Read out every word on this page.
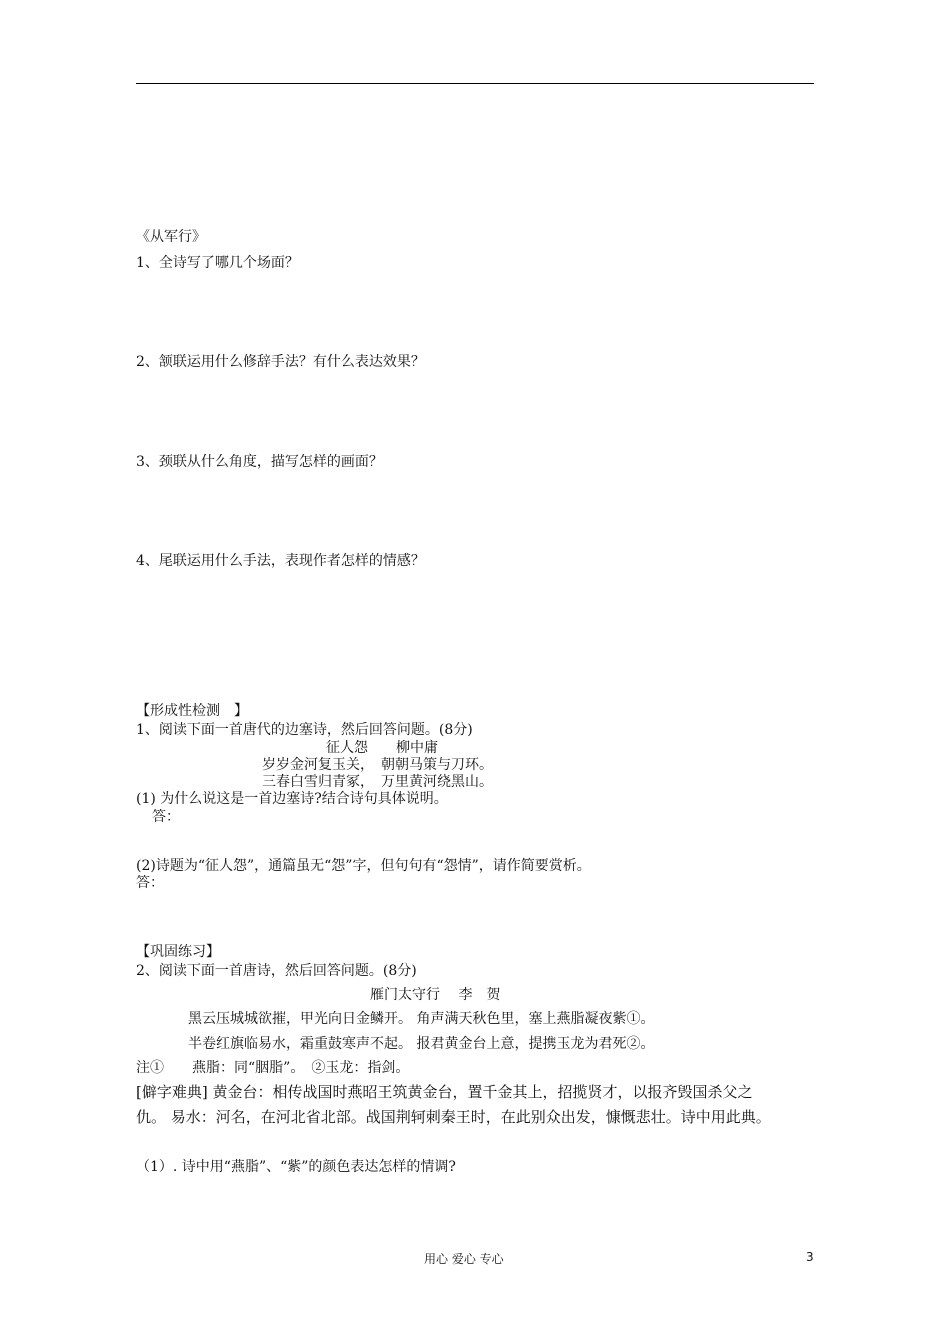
《从军行》
1、全诗写了哪几个场面？
2、颔联运用什么修辞手法？有什么表达效果？
3、颈联从什么角度，描写怎样的画面？
4、尾联运用什么手法，表现作者怎样的情感？
【形成性检测　】
1、阅读下面一首唐代的边塞诗，然后回答问题。(8分)
征人怨　　柳中庸
岁岁金河复玉关，　朝朝马策与刀环。
三春白雪归青冢，　万里黄河绕黑山。
(1) 为什么说这是一首边塞诗?结合诗句具体说明。
答：
(2)诗题为“征人怨”，通篇虽无“怨”字，但句句有“怨情”，请作简要赏析。
答：
【巩固练习】
2、阅读下面一首唐诗，然后回答问题。(8分)
雁门太守行　 李　贺
黑云压城城欲摧，甲光向日金鳞开。 角声满天秋色里，塞上燕脂凝夜紫①。
半卷红旗临易水，霜重鼓寒声不起。 报君黄金台上意，提携玉龙为君死②。
注①　　燕脂：同“胭脂”。　②玉龙：指剑。
[僻字难典] 黄金台：相传战国时燕昭王筑黄金台，置千金其上，招揽贤才，以报齐毁国杀父之
仇。 易水：河名，在河北省北部。战国荆轲刺秦王时，在此别众出发，慷慨悲壮。诗中用此典。
（1）. 诗中用“燕脂”、“紫”的颜色表达怎样的情调?
用心 爱心 专心	3
